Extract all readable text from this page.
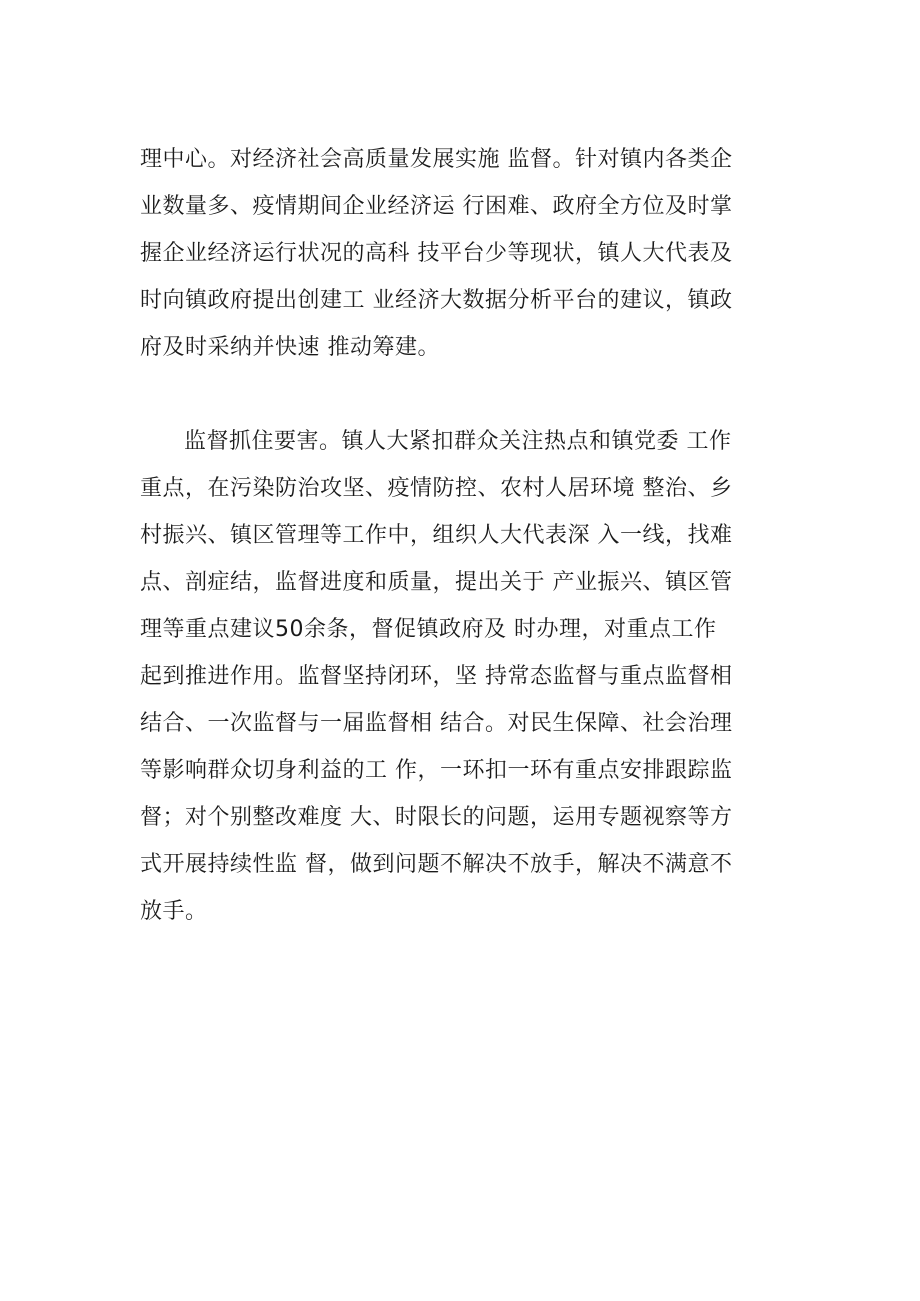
理中心。对经济社会高质量发展实施 监督。针对镇内各类企
业数量多、疫情期间企业经济运 行困难、政府全方位及时掌
握企业经济运行状况的高科 技平台少等现状，镇人大代表及
时向镇政府提出创建工 业经济大数据分析平台的建议，镇政
府及时采纳并快速 推动筹建。
监督抓住要害。镇人大紧扣群众关注热点和镇党委 工作
重点，在污染防治攻坚、疫情防控、农村人居环境 整治、乡
村振兴、镇区管理等工作中，组织人大代表深 入一线，找难
点、剖症结，监督进度和质量，提出关于 产业振兴、镇区管
理等重点建议50余条，督促镇政府及 时办理，对重点工作
起到推进作用。监督坚持闭环，坚 持常态监督与重点监督相
结合、一次监督与一届监督相 结合。对民生保障、社会治理
等影响群众切身利益的工 作，一环扣一环有重点安排跟踪监
督；对个别整改难度 大、时限长的问题，运用专题视察等方
式开展持续性监 督，做到问题不解决不放手，解决不满意不
放手。
